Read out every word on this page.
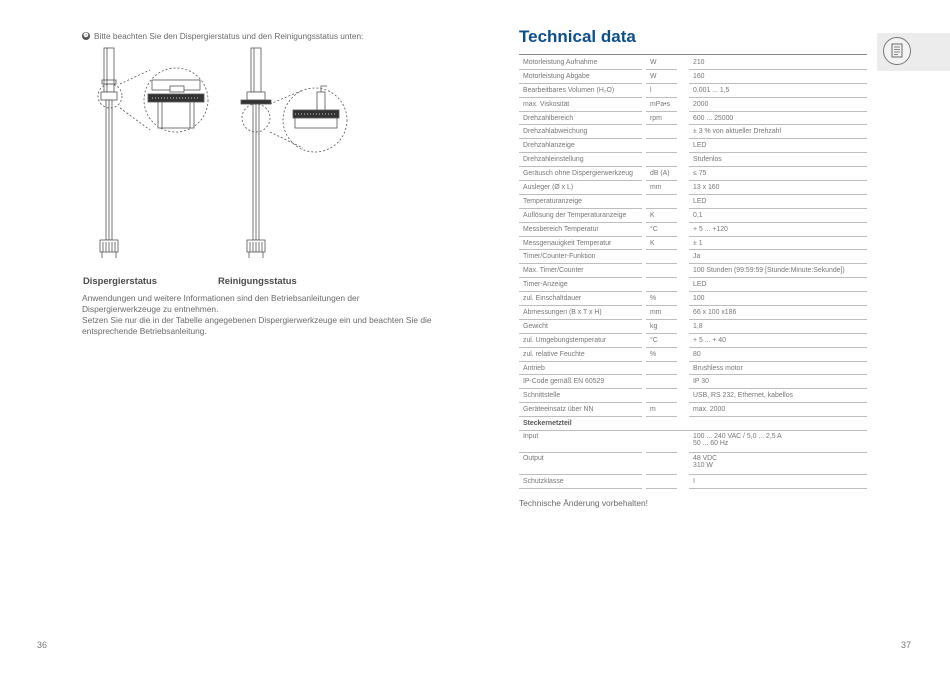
❹ Bitte beachten Sie den Dispergierstatus und den Reinigungsstatus unten:
Dispergierstatus	Reinigungsstatus

Anwendungen und weitere Informationen sind den Betriebsanleitungen der Dispergierwerkzeuge zu entnehmen.

Setzen Sie nur die in der Tabelle angegebenen Dispergierwerkzeuge ein und beachten Sie die entsprechende Betriebsanleitung.

36
Technical data
Motorleistung Aufnahme		W		210
Motorleistung Abgabe		W		160
Bearbeitbares Volumen (H₂O)		l		0,001 ... 1,5
max. Viskosität		mPa•s		2000
Drehzahlbereich		rpm		600 ... 25000
Drehzahlabweichung				± 3 % von aktueller Drehzahl
Drehzahlanzeige				LED
Drehzahleinstellung				Stufenlos
Geräusch ohne Dispergierwerkzeug		dB (A)		≤ 75
Ausleger (Ø x L)		mm		13 x 160
Temperaturanzeige				LED
Auflösung der Temperaturanzeige		K		0,1
Messbereich Temperatur		°C		+ 5 ... +120
Messgenauigkeit Temperatur		K		± 1
Timer/Counter-Funktion				Ja
Max. Timer/Counter				100 Stunden (99:59:59 [Stunde:Minute:Sekunde])
Timer-Anzeige				LED
zul. Einschaltdauer		%		100
Abmessungen (B x T x H)		mm		66 x 100 x186
Gewicht		kg		1,8
zul. Umgebungstemperatur		°C		+ 5 ... + 40
zul. relative Feuchte		%		80
Antrieb				Brushless motor
IP-Code gemäß EN 60529				IP 30
Schnittstelle				USB, RS 232, Ethernet, kabellos
Geräteeinsatz über NN		m		max. 2000
Steckernetzteil				
Input				100 ... 240 VAC / 5,0 ... 2,5 A
50 ... 60 Hz

Output				48 VDC
310 W

Schutzklasse				I
Technische Änderung vorbehalten!
37
